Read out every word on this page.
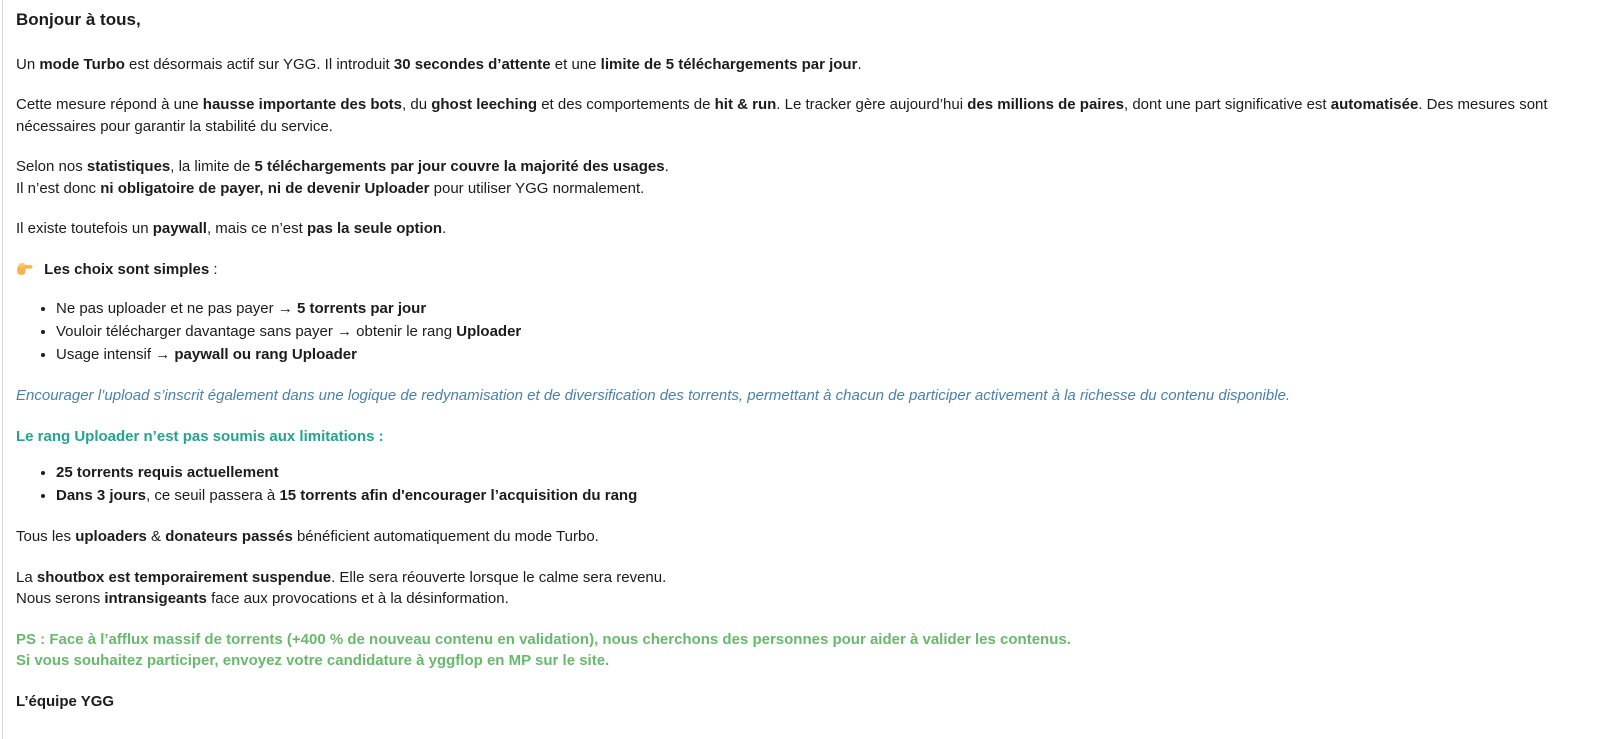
Bonjour à tous,
Un mode Turbo est désormais actif sur YGG. Il introduit 30 secondes d’attente et une limite de 5 téléchargements par jour.
Cette mesure répond à une hausse importante des bots, du ghost leeching et des comportements de hit & run. Le tracker gère aujourd’hui des millions de paires, dont une part significative est automatisée. Des mesures sont nécessaires pour garantir la stabilité du service.
Selon nos statistiques, la limite de 5 téléchargements par jour couvre la majorité des usages.
Il n’est donc ni obligatoire de payer, ni de devenir Uploader pour utiliser YGG normalement.
Il existe toutefois un paywall, mais ce n’est pas la seule option.
Les choix sont simples :
• Ne pas uploader et ne pas payer → 5 torrents par jour
• Vouloir télécharger davantage sans payer → obtenir le rang Uploader
• Usage intensif → paywall ou rang Uploader
Encourager l’upload s’inscrit également dans une logique de redynamisation et de diversification des torrents, permettant à chacun de participer activement à la richesse du contenu disponible.
Le rang Uploader n’est pas soumis aux limitations :
• 25 torrents requis actuellement
• Dans 3 jours, ce seuil passera à 15 torrents afin d'encourager l’acquisition du rang
Tous les uploaders & donateurs passés bénéficient automatiquement du mode Turbo.
La shoutbox est temporairement suspendue. Elle sera réouverte lorsque le calme sera revenu.
Nous serons intransigeants face aux provocations et à la désinformation.
PS : Face à l’afflux massif de torrents (+400 % de nouveau contenu en validation), nous cherchons des personnes pour aider à valider les contenus.
Si vous souhaitez participer, envoyez votre candidature à yggflop en MP sur le site.
L’équipe YGG
